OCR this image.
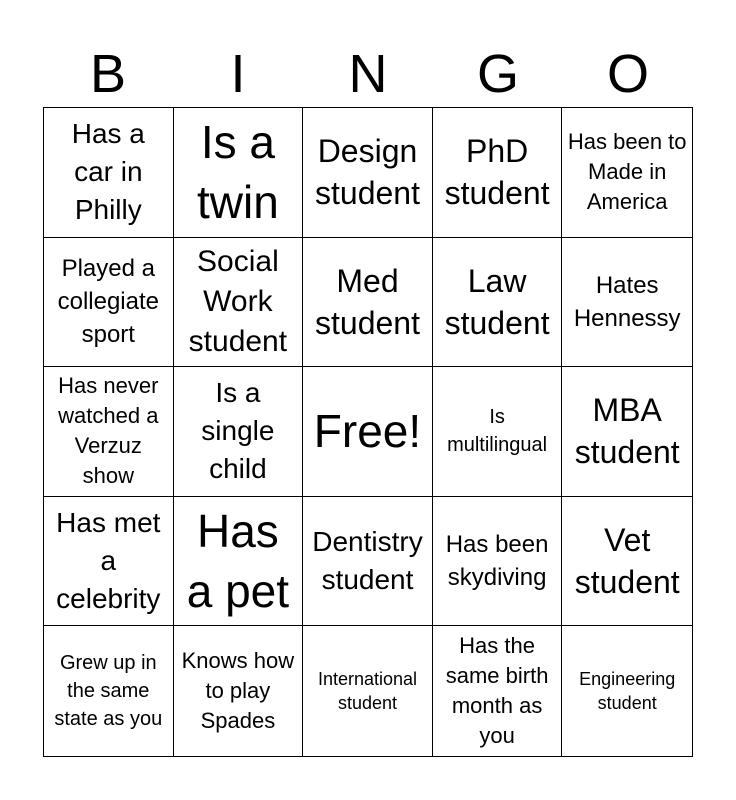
B	I	N	G	O
Has a car in Philly
Is a twin
Design student
PhD student
Has been to Made in America
Played a collegiate sport
Social Work student
Med student
Law student
Hates Hennessy
Has never watched a Verzuz show
Is a single child
Free!	Is multilingual
MBA student
Has met a celebrity
Has a pet
Dentistry student
Has been skydiving
Vet student
Grew up in the same state as you
Knows how to play Spades
International student
Has the same birth month as you
Engineering student
